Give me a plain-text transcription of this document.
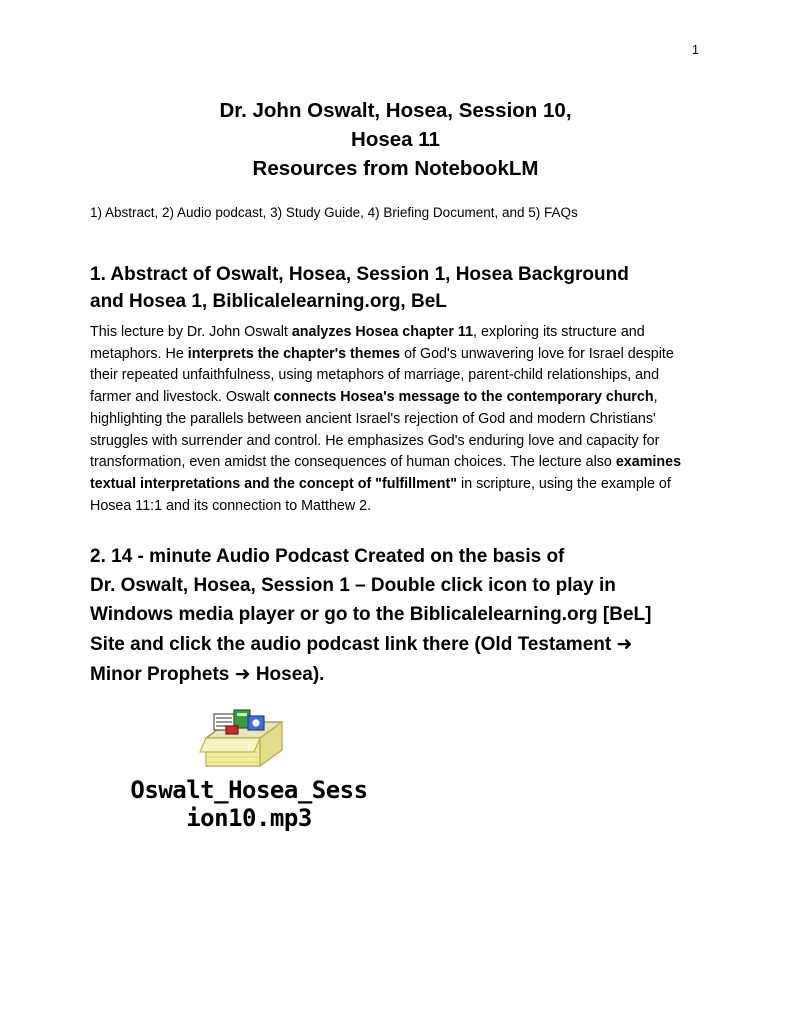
1
Dr. John Oswalt, Hosea, Session 10,
Hosea 11
Resources from NotebookLM

1) Abstract, 2) Audio podcast, 3) Study Guide, 4) Briefing Document, and 5) FAQs

1. Abstract of Oswalt, Hosea, Session 1, Hosea Background
and Hosea 1, Biblicalelearning.org, BeL

This lecture by Dr. John Oswalt analyzes Hosea chapter 11, exploring its structure and metaphors. He interprets the chapter's themes of God's unwavering love for Israel despite their repeated unfaithfulness, using metaphors of marriage, parent-child relationships, and farmer and livestock. Oswalt connects Hosea's message to the contemporary church, highlighting the parallels between ancient Israel's rejection of God and modern Christians' struggles with surrender and control. He emphasizes God's enduring love and capacity for transformation, even amidst the consequences of human choices. The lecture also examines textual interpretations and the concept of "fulfillment" in scripture, using the example of Hosea 11:1 and its connection to Matthew 2.

2. 14 - minute Audio Podcast Created on the basis of
Dr. Oswalt, Hosea, Session 1 – Double click icon to play in
Windows media player or go to the Biblicalelearning.org [BeL]
Site and click the audio podcast link there (Old Testament ➜
Minor Prophets ➜ Hosea).
Oswalt_Hosea_Sess
ion10.mp3
